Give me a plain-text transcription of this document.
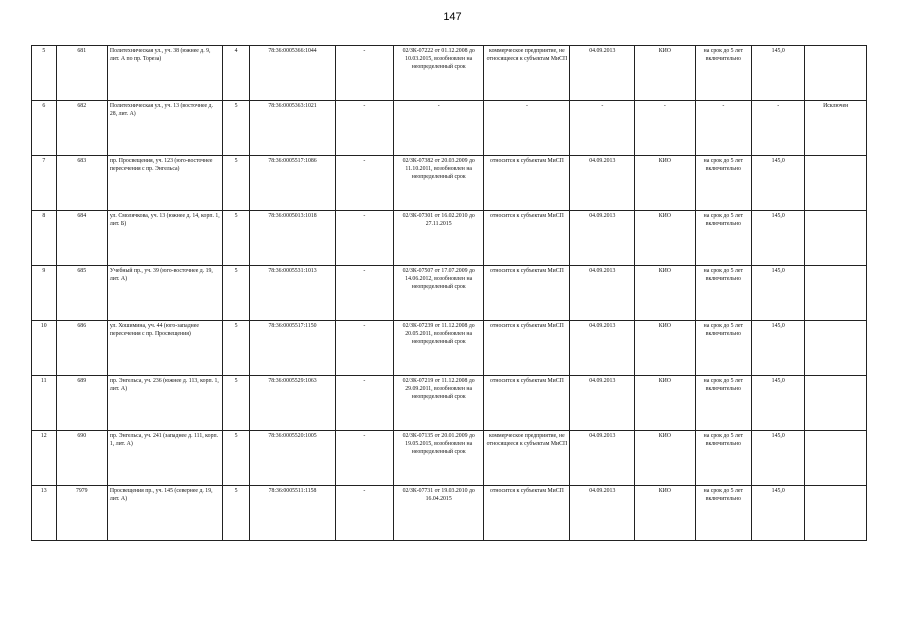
147
5	681	Политехническая ул., уч. 38 (южнее д. 9, лит. А по пр. Тореза)	4	78:36:0005366:1044	-	02/ЗК-07222 от 01.12.2008 до 10.03.2015, возобновлен на неопределенный срок	коммерческое предприятие, не относящееся к субъектам МиСП	04.09.2013	КИО	на срок до 5 лет включительно	145,0	
6	682	Политехническая ул., уч. 13 (восточнее д. 28, лит. А)	5	78:36:0005363:1021	-	-	-	-	-	-	-	Исключен
7	683	пр. Просвещения, уч. 123 (юго-восточнее пересечения с пр. Энгельса)	5	78:36:0005517:1086	-	02/ЗК-07382 от 20.03.2009 до 11.10.2011, возобновлен на неопределенный срок	относится к субъектам МиСП	04.09.2013	КИО	на срок до 5 лет включительно	145,0	
8	684	ул. Смолячкова, уч. 13 (южнее д. 14, корп. 1, лит. Б)	5	78:36:0005013:1018	-	02/ЗК-07301 от 16.02.2010 до 27.11.2015	относится к субъектам МиСП	04.09.2013	КИО	на срок до 5 лет включительно	145,0	
9	685	Учебный пр., уч. 39 (юго-восточнее д. 19, лит. А)	5	78:36:0005531:1013	-	02/ЗК-07507 от 17.07.2009 до 14.06.2012, возобновлен на неопределенный срок	относится к субъектам МиСП	04.09.2013	КИО	на срок до 5 лет включительно	145,0	
10	686	ул. Хошимина, уч. 44 (юго-западнее пересечения с пр. Просвещения)	5	78:36:0005517:1150	-	02/ЗК-07239 от 11.12.2008 до 20.05.2011, возобновлен на неопределенный срок	относится к субъектам МиСП	04.09.2013	КИО	на срок до 5 лет включительно	145,0	
11	689	пр. Энгельса, уч. 236 (южнее д. 113, корп. 1, лит. А)	5	78:36:0005529:1063	-	02/ЗК-07219 от 11.12.2008 до 29.09.2011, возобновлен на неопределенный срок	относится к субъектам МиСП	04.09.2013	КИО	на срок до 5 лет включительно	145,0	
12	690	пр. Энгельса, уч. 241 (западнее д. 111, корп. 1, лит. А)	5	78:36:0005520:1005	-	02/ЗК-07135 от 20.01.2009 до 19.05.2015, возобновлен на неопределенный срок	коммерческое предприятие, не относящееся к субъектам МиСП	04.09.2013	КИО	на срок до 5 лет включительно	145,0	
13	7979	Просвещения пр., уч. 145 (севернее д. 19, лит. А)	5	78:36:0005511:1158	-	02/ЗК-07731 от 19.03.2010 до 16.04.2015	относится к субъектам МиСП	04.09.2013	КИО	на срок до 5 лет включительно	145,0	
